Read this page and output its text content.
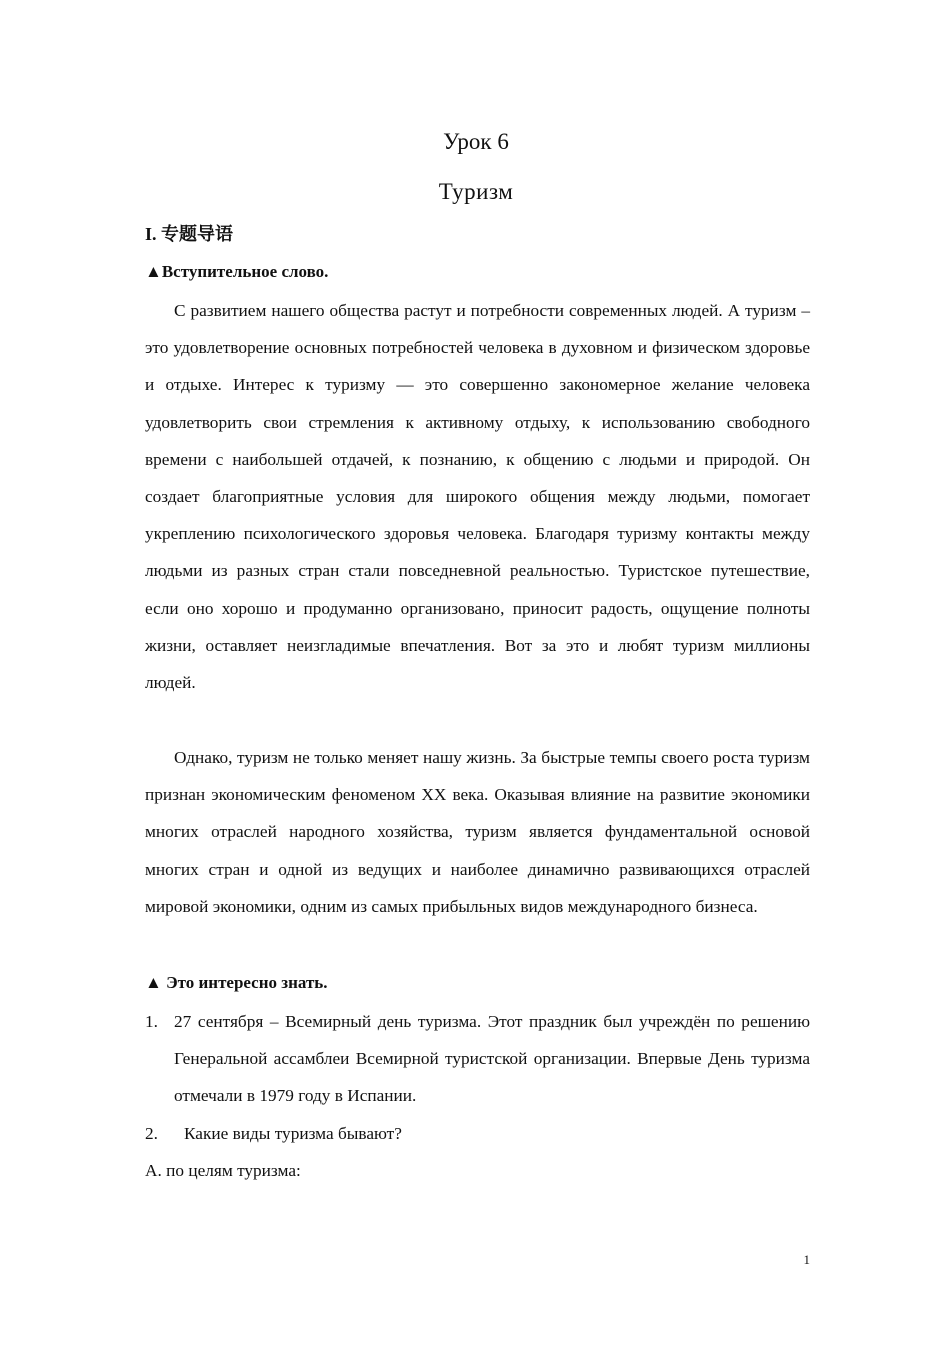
Урок 6
Туризм
I. 专题导语
▲Вступительное слово.

С развитием нашего общества растут и потребности современных людей. А туризм – это удовлетворение основных потребностей человека в духовном и физическом здоровье и отдыхе. Интерес к туризму — это совершенно закономерное желание человека удовлетворить свои стремления к активному отдыху, к использованию свободного времени с наибольшей отдачей, к познанию, к общению с людьми и природой. Он создает благоприятные условия для широкого общения между людьми, помогает укреплению психологического здоровья человека. Благодаря туризму контакты между людьми из разных стран стали повседневной реальностью. Туристское путешествие, если оно хорошо и продуманно организовано, приносит радость, ощущение полноты жизни, оставляет неизгладимые впечатления. Вот за это и любят туризм миллионы людей.

Однако, туризм не только меняет нашу жизнь. За быстрые темпы своего роста туризм признан экономическим феноменом XX века. Оказывая влияние на развитие экономики многих отраслей народного хозяйства, туризм является фундаментальной основой многих стран и одной из ведущих и наиболее динамично развивающихся отраслей мировой экономики, одним из самых прибыльных видов международного бизнеса.

▲ Это интересно знать.
1. 27 сентября – Всемирный день туризма. Этот праздник был учреждён по решению Генеральной ассамблеи Всемирной туристской организации. Впервые День туризма отмечали в 1979 году в Испании.
2. Какие виды туризма бывают?
А. по целям туризма:
1
